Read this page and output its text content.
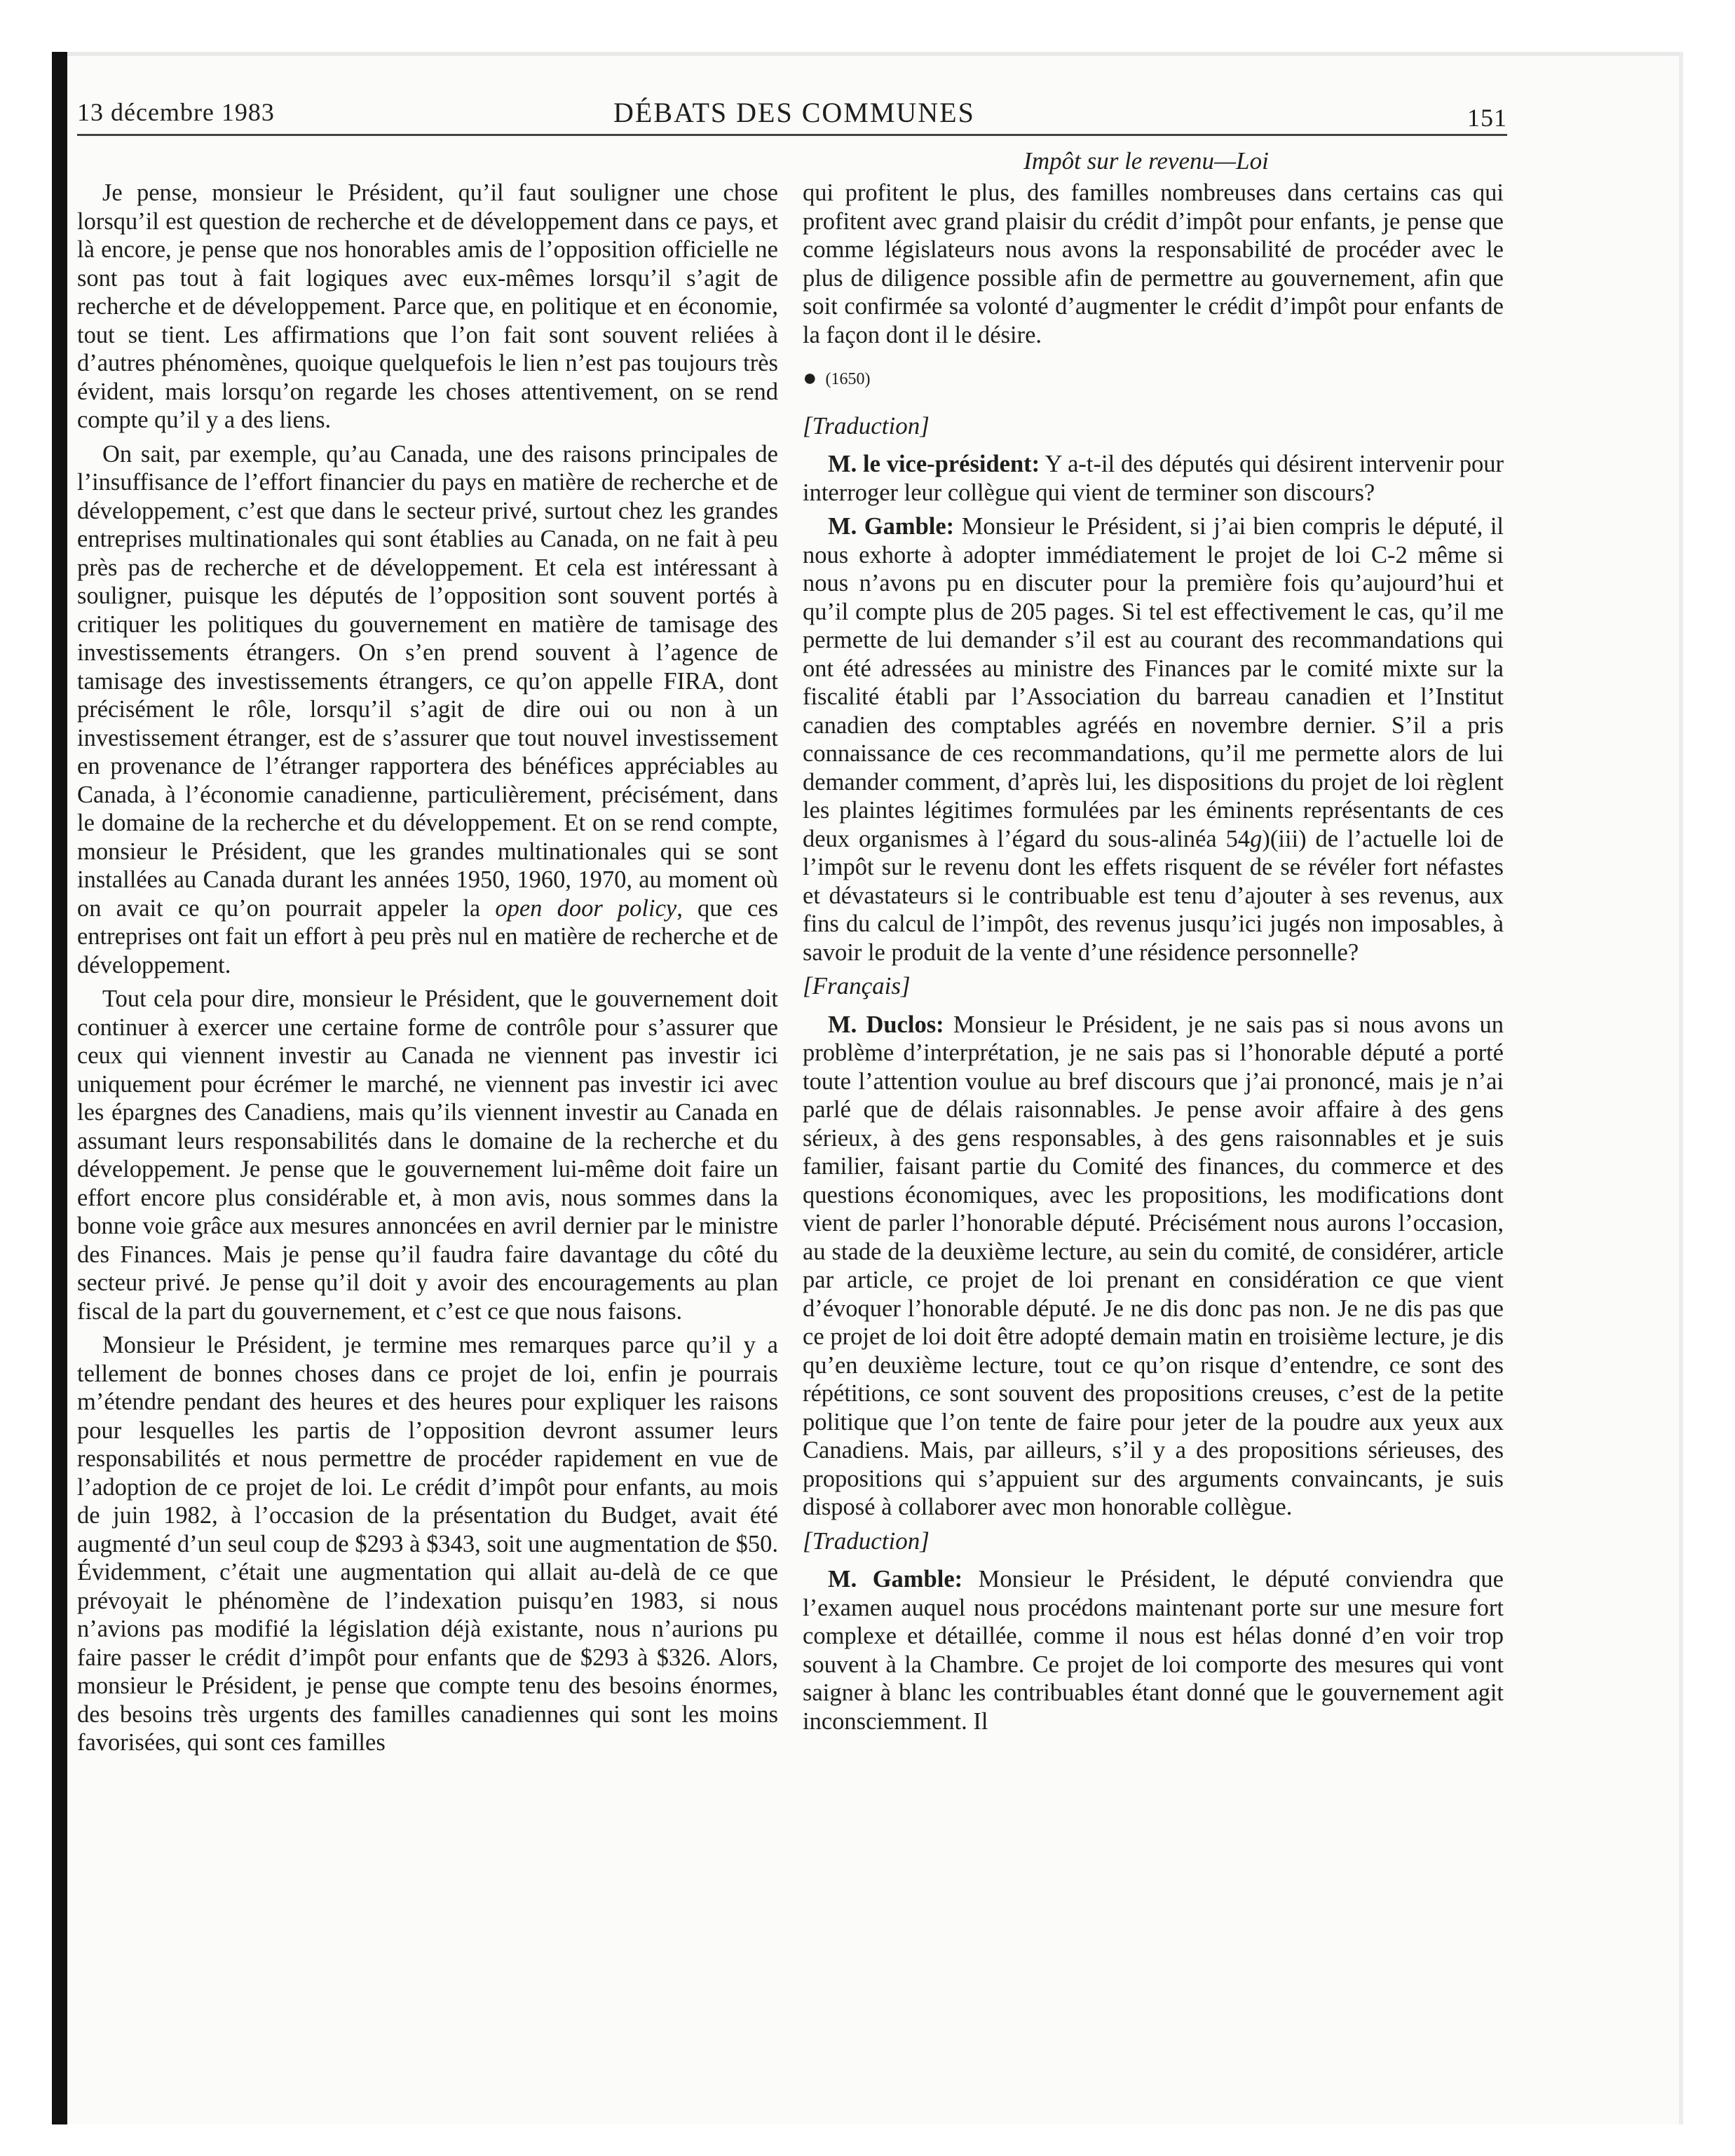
13 décembre 1983	DÉBATS DES COMMUNES	151
Impôt sur le revenu—Loi

Je pense, monsieur le Président, qu’il faut souligner une chose lorsqu’il est question de recherche et de développement dans ce pays, et là encore, je pense que nos honorables amis de l’opposition officielle ne sont pas tout à fait logiques avec eux-mêmes lorsqu’il s’agit de recherche et de développement. Parce que, en politique et en économie, tout se tient. Les affirmations que l’on fait sont souvent reliées à d’autres phénomènes, quoique quelquefois le lien n’est pas toujours très évident, mais lorsqu’on regarde les choses attentivement, on se rend compte qu’il y a des liens.

On sait, par exemple, qu’au Canada, une des raisons principales de l’insuffisance de l’effort financier du pays en matière de recherche et de développement, c’est que dans le secteur privé, surtout chez les grandes entreprises multinationales qui sont établies au Canada, on ne fait à peu près pas de recherche et de développement. Et cela est intéressant à souligner, puisque les députés de l’opposition sont souvent portés à critiquer les politiques du gouvernement en matière de tamisage des investissements étrangers. On s’en prend souvent à l’agence de tamisage des investissements étrangers, ce qu’on appelle FIRA, dont précisément le rôle, lorsqu’il s’agit de dire oui ou non à un investissement étranger, est de s’assurer que tout nouvel investissement en provenance de l’étranger rapportera des bénéfices appréciables au Canada, à l’économie canadienne, particulièrement, précisément, dans le domaine de la recherche et du développement. Et on se rend compte, monsieur le Président, que les grandes multinationales qui se sont installées au Canada durant les années 1950, 1960, 1970, au moment où on avait ce qu’on pourrait appeler la open door policy, que ces entreprises ont fait un effort à peu près nul en matière de recherche et de développement.

Tout cela pour dire, monsieur le Président, que le gouvernement doit continuer à exercer une certaine forme de contrôle pour s’assurer que ceux qui viennent investir au Canada ne viennent pas investir ici uniquement pour écrémer le marché, ne viennent pas investir ici avec les épargnes des Canadiens, mais qu’ils viennent investir au Canada en assumant leurs responsabilités dans le domaine de la recherche et du développement. Je pense que le gouvernement lui-même doit faire un effort encore plus considérable et, à mon avis, nous sommes dans la bonne voie grâce aux mesures annoncées en avril dernier par le ministre des Finances. Mais je pense qu’il faudra faire davantage du côté du secteur privé. Je pense qu’il doit y avoir des encouragements au plan fiscal de la part du gouvernement, et c’est ce que nous faisons.

Monsieur le Président, je termine mes remarques parce qu’il y a tellement de bonnes choses dans ce projet de loi, enfin je pourrais m’étendre pendant des heures et des heures pour expliquer les raisons pour lesquelles les partis de l’opposition devront assumer leurs responsabilités et nous permettre de procéder rapidement en vue de l’adoption de ce projet de loi. Le crédit d’impôt pour enfants, au mois de juin 1982, à l’occasion de la présentation du Budget, avait été augmenté d’un seul coup de $293 à $343, soit une augmentation de $50. Évidemment, c’était une augmentation qui allait au-delà de ce que prévoyait le phénomène de l’indexation puisqu’en 1983, si nous n’avions pas modifié la législation déjà existante, nous n’aurions pu faire passer le crédit d’impôt pour enfants que de $293 à $326. Alors, monsieur le Président, je pense que compte tenu des besoins énormes, des besoins très urgents des familles canadiennes qui sont les moins favorisées, qui sont ces familles

qui profitent le plus, des familles nombreuses dans certains cas qui profitent avec grand plaisir du crédit d’impôt pour enfants, je pense que comme législateurs nous avons la responsabilité de procéder avec le plus de diligence possible afin de permettre au gouvernement, afin que soit confirmée sa volonté d’augmenter le crédit d’impôt pour enfants de la façon dont il le désire.

● (1650)
[Traduction]

M. le vice-président: Y a-t-il des députés qui désirent intervenir pour interroger leur collègue qui vient de terminer son discours?

M. Gamble: Monsieur le Président, si j’ai bien compris le député, il nous exhorte à adopter immédiatement le projet de loi C-2 même si nous n’avons pu en discuter pour la première fois qu’aujourd’hui et qu’il compte plus de 205 pages. Si tel est effectivement le cas, qu’il me permette de lui demander s’il est au courant des recommandations qui ont été adressées au ministre des Finances par le comité mixte sur la fiscalité établi par l’Association du barreau canadien et l’Institut canadien des comptables agréés en novembre dernier. S’il a pris connaissance de ces recommandations, qu’il me permette alors de lui demander comment, d’après lui, les dispositions du projet de loi règlent les plaintes légitimes formulées par les éminents représentants de ces deux organismes à l’égard du sous-alinéa 54g)(iii) de l’actuelle loi de l’impôt sur le revenu dont les effets risquent de se révéler fort néfastes et dévastateurs si le contribuable est tenu d’ajouter à ses revenus, aux fins du calcul de l’impôt, des revenus jusqu’ici jugés non imposables, à savoir le produit de la vente d’une résidence personnelle?

[Français]

M. Duclos: Monsieur le Président, je ne sais pas si nous avons un problème d’interprétation, je ne sais pas si l’honorable député a porté toute l’attention voulue au bref discours que j’ai prononcé, mais je n’ai parlé que de délais raisonnables. Je pense avoir affaire à des gens sérieux, à des gens responsables, à des gens raisonnables et je suis familier, faisant partie du Comité des finances, du commerce et des questions économiques, avec les propositions, les modifications dont vient de parler l’honorable député. Précisément nous aurons l’occasion, au stade de la deuxième lecture, au sein du comité, de considérer, article par article, ce projet de loi prenant en considération ce que vient d’évoquer l’honorable député. Je ne dis donc pas non. Je ne dis pas que ce projet de loi doit être adopté demain matin en troisième lecture, je dis qu’en deuxième lecture, tout ce qu’on risque d’entendre, ce sont des répétitions, ce sont souvent des propositions creuses, c’est de la petite politique que l’on tente de faire pour jeter de la poudre aux yeux aux Canadiens. Mais, par ailleurs, s’il y a des propositions sérieuses, des propositions qui s’appuient sur des arguments convaincants, je suis disposé à collaborer avec mon honorable collègue.

[Traduction]

M. Gamble: Monsieur le Président, le député conviendra que l’examen auquel nous procédons maintenant porte sur une mesure fort complexe et détaillée, comme il nous est hélas donné d’en voir trop souvent à la Chambre. Ce projet de loi comporte des mesures qui vont saigner à blanc les contribuables étant donné que le gouvernement agit inconsciemment. Il
